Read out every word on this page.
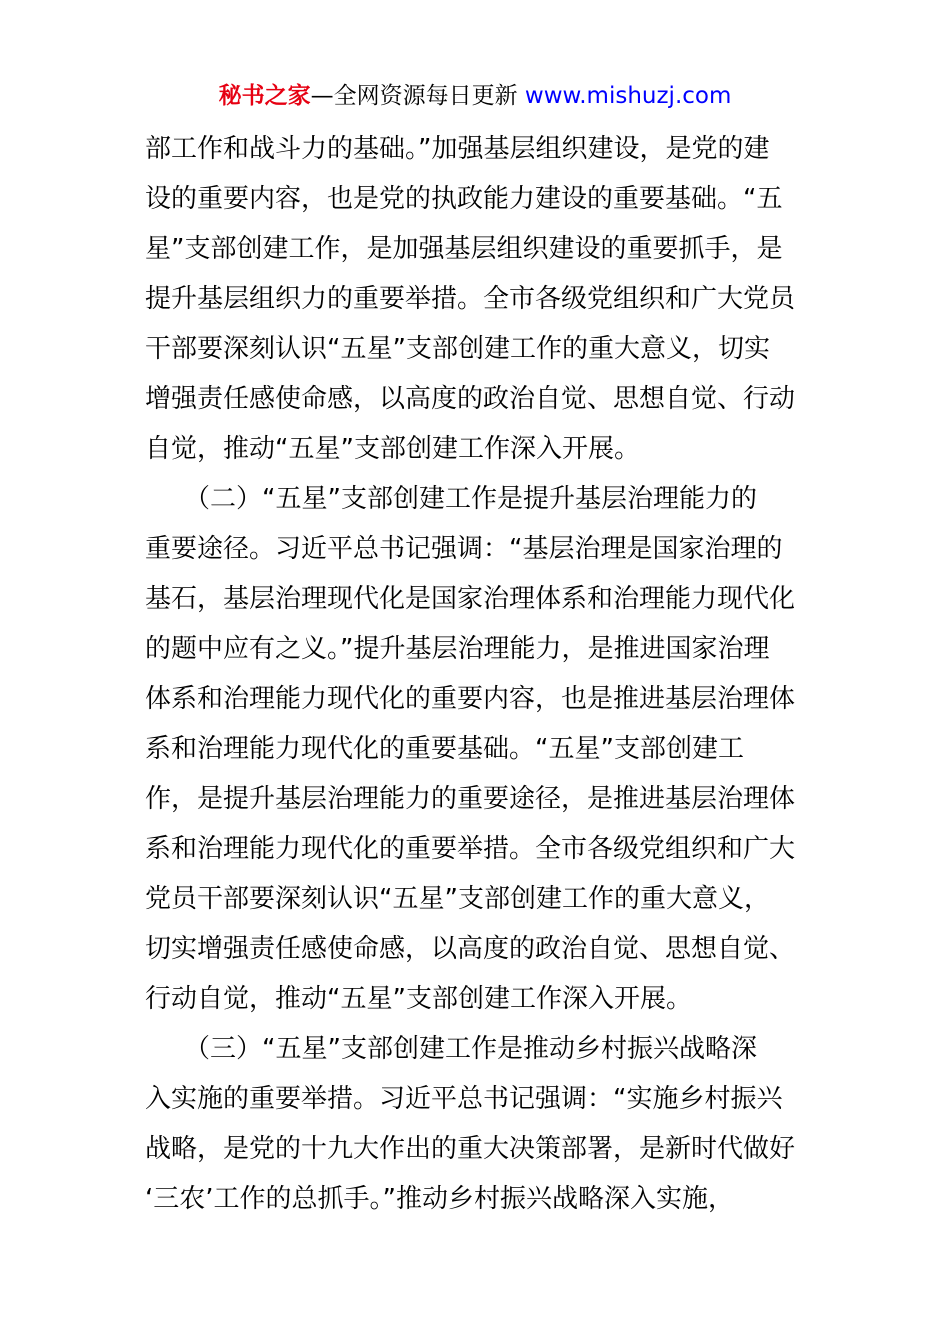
秘书之家—全网资源每日更新 www.mishuzj.com
部工作和战斗力的基础。”加强基层组织建设，是党的建
设的重要内容，也是党的执政能力建设的重要基础。“五
星”支部创建工作，是加强基层组织建设的重要抓手，是
提升基层组织力的重要举措。全市各级党组织和广大党员
干部要深刻认识“五星”支部创建工作的重大意义，切实
增强责任感使命感，以高度的政治自觉、思想自觉、行动
自觉，推动“五星”支部创建工作深入开展。
　　（二）“五星”支部创建工作是提升基层治理能力的
重要途径。习近平总书记强调：“基层治理是国家治理的
基石，基层治理现代化是国家治理体系和治理能力现代化
的题中应有之义。”提升基层治理能力，是推进国家治理
体系和治理能力现代化的重要内容，也是推进基层治理体
系和治理能力现代化的重要基础。“五星”支部创建工
作，是提升基层治理能力的重要途径，是推进基层治理体
系和治理能力现代化的重要举措。全市各级党组织和广大
党员干部要深刻认识“五星”支部创建工作的重大意义，
切实增强责任感使命感，以高度的政治自觉、思想自觉、
行动自觉，推动“五星”支部创建工作深入开展。
　　（三）“五星”支部创建工作是推动乡村振兴战略深
入实施的重要举措。习近平总书记强调：“实施乡村振兴
战略，是党的十九大作出的重大决策部署，是新时代做好
‘三农’工作的总抓手。”推动乡村振兴战略深入实施，
